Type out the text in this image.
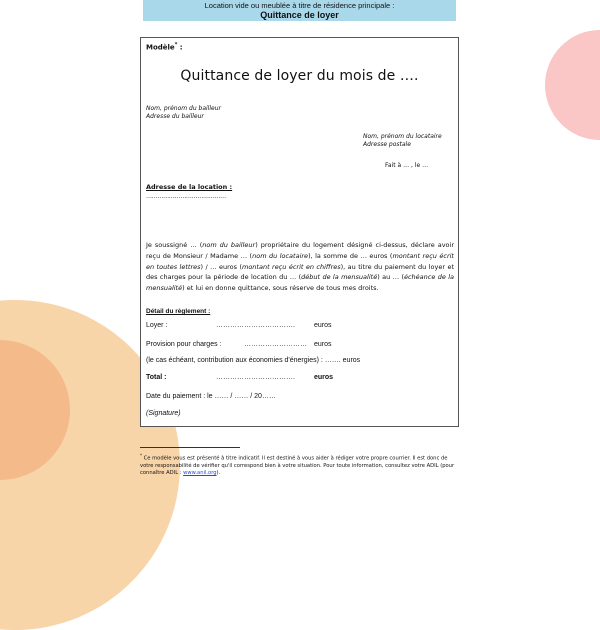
Location vide ou meublée à titre de résidence principale :
Quittance de loyer
Modèle* :
Quittance de loyer du mois de ….
Nom, prénom du bailleur
Adresse du bailleur
Nom, prénom du locataire
Adresse postale
Fait à … , le …
Adresse de la location :
……………………………………
Je soussigné … (nom du bailleur) propriétaire du logement désigné ci-dessus, déclare avoir reçu de Monsieur / Madame … (nom du locataire), la somme de … euros (montant reçu écrit en toutes lettres) / … euros (montant reçu écrit en chiffres), au titre du paiement du loyer et des charges pour la période de location du … (début de la mensualité) au … (échéance de la mensualité) et lui en donne quittance, sous réserve de tous mes droits.
Détail du règlement :
Loyer :	…………………………….	euros
Provision pour charges :	……………………… euros
(le cas échéant, contribution aux économies d'énergies) : ……. euros
Total :	…………………………….	euros
Date du paiement : le …… / …… / 20……
(Signature)
* Ce modèle vous est présenté à titre indicatif. Il est destiné à vous aider à rédiger votre propre courrier. Il est donc de votre responsabilité de vérifier qu'il correspond bien à votre situation. Pour toute information, consultez votre ADIL (pour connaître ADIL : www.anil.org).
